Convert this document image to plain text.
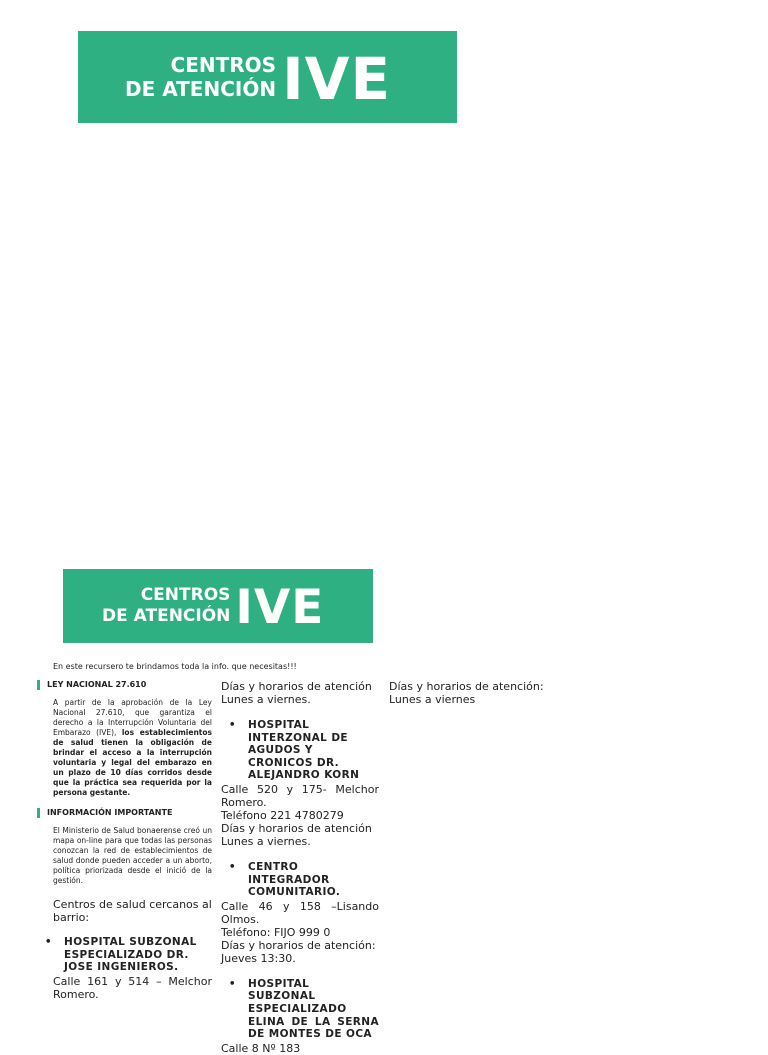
CENTROS
DE ATENCIÓN IVE
CENTROS
DE ATENCIÓN IVE
En este recursero te brindamos toda la info. que necesitas!!!
LEY NACIONAL 27.610

A partir de la aprobación de la Ley Nacional 27.610, que garantiza el derecho a la Interrupción Voluntaria del Embarazo (IVE), los establecimientos de salud tienen la obligación de brindar el acceso a la interrupción voluntaria y legal del embarazo en un plazo de 10 días corridos desde que la práctica sea requerida por la persona gestante.

INFORMACIÓN IMPORTANTE

El Ministerio de Salud bonaerense creó un mapa on-line para que todas las personas conozcan la red de establecimientos de salud donde pueden acceder a un aborto, política priorizada desde el inició de la gestión.

Centros de salud cercanos al barrio:
•	HOSPITAL SUBZONAL ESPECIALIZADO DR. JOSE INGENIEROS.
Calle 161 y 514 – Melchor Romero.
Días y horarios de atención Lunes a viernes.
•	HOSPITAL INTERZONAL DE AGUDOS Y CRONICOS DR. ALEJANDRO KORN
Calle 520 y 175- Melchor Romero.
Teléfono 221 4780279
Días y horarios de atención Lunes a viernes.
•	CENTRO INTEGRADOR COMUNITARIO.
Calle 46 y 158 –Lisando Olmos.
Teléfono: FIJO 999 0
Días y horarios de atención: Jueves 13:30.
•	HOSPITAL SUBZONAL ESPECIALIZADO ELINA DE LA SERNA DE MONTES DE OCA
Calle 8 Nº 183
Días y horarios de atención: Lunes a viernes
